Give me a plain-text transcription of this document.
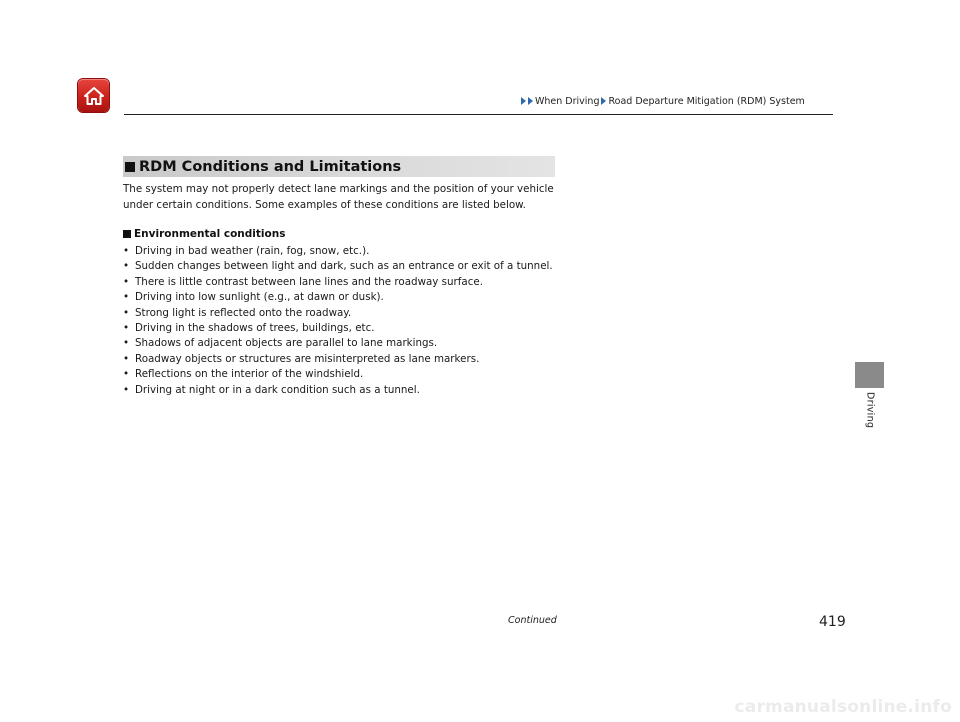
When Driving Road Departure Mitigation (RDM) System
RDM Conditions and Limitations

The system may not properly detect lane markings and the position of your vehicle

under certain conditions. Some examples of these conditions are listed below.

Environmental conditions
• Driving in bad weather (rain, fog, snow, etc.).
• Sudden changes between light and dark, such as an entrance or exit of a tunnel.
• There is little contrast between lane lines and the roadway surface.
• Driving into low sunlight (e.g., at dawn or dusk).
• Strong light is reflected onto the roadway.
• Driving in the shadows of trees, buildings, etc.
• Shadows of adjacent objects are parallel to lane markings.
• Roadway objects or structures are misinterpreted as lane markers.
• Reflections on the interior of the windshield.
• Driving at night or in a dark condition such as a tunnel.
Driving
Continued	419
carmanualsonline.info
